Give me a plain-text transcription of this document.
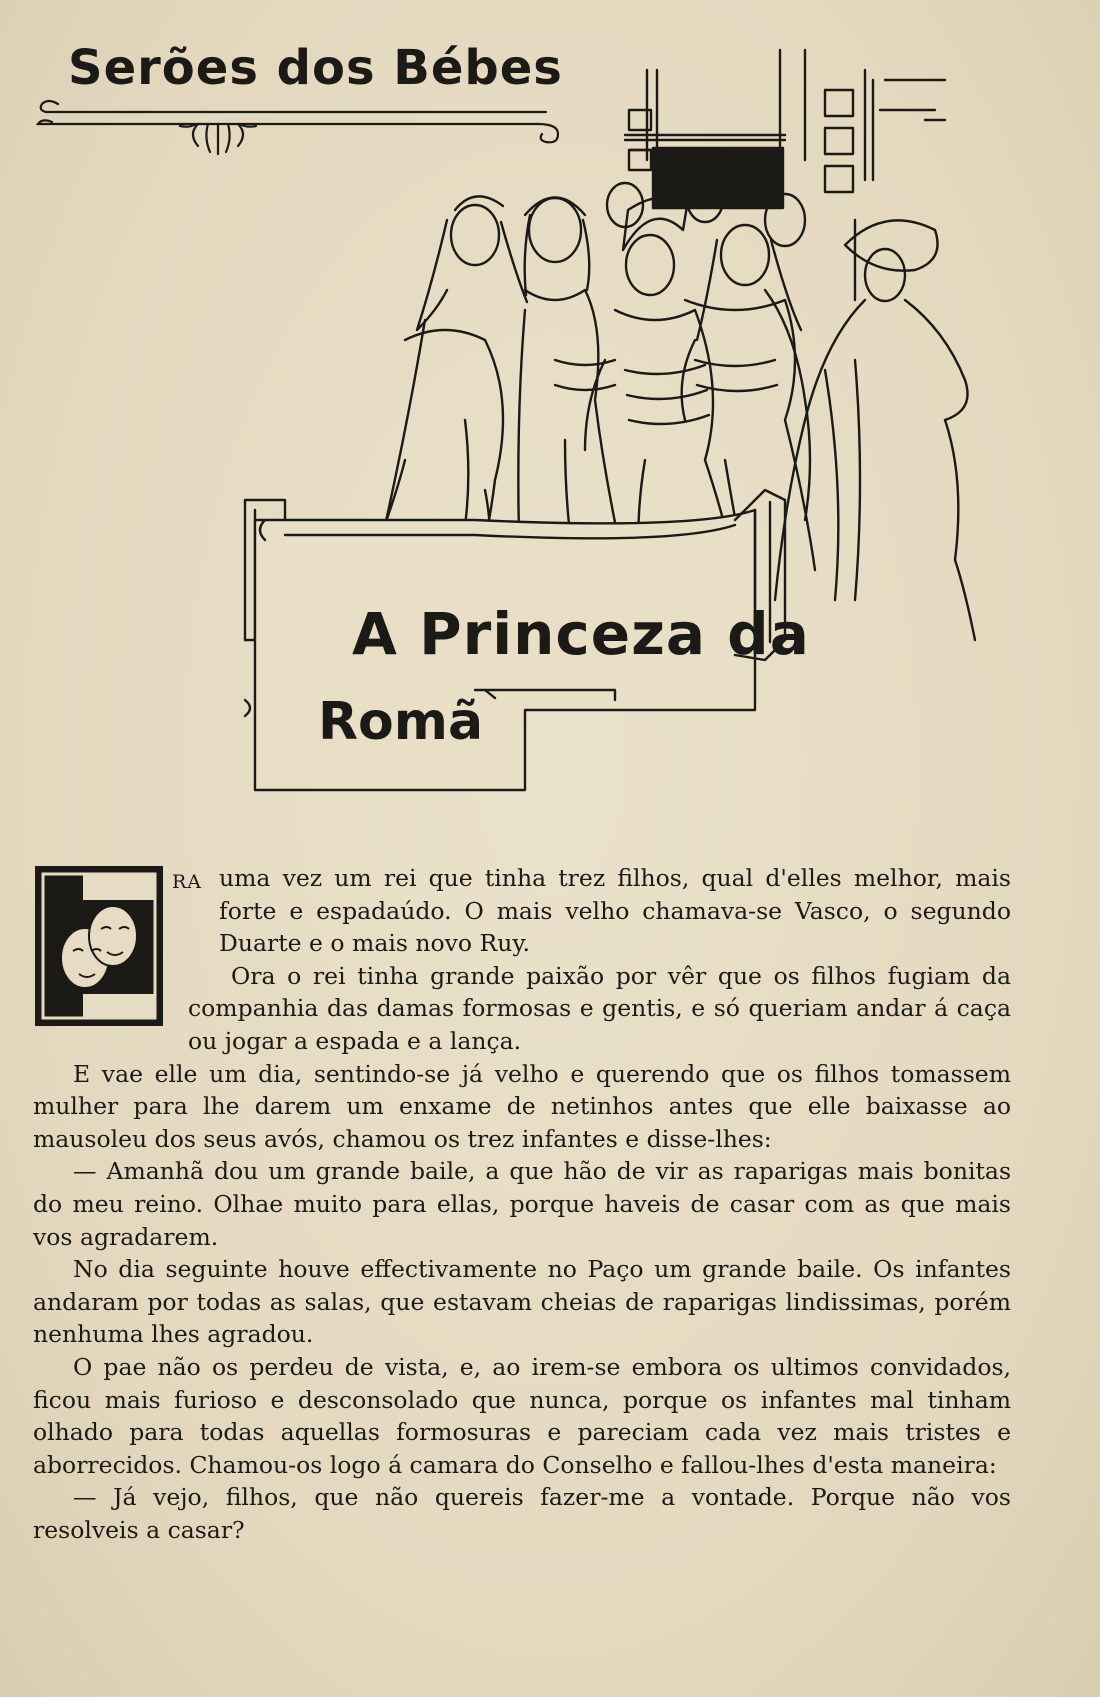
Serões dos Bébes
A Princeza da
Romã
RA uma vez um rei que tinha trez filhos, qual d'elles melhor, mais forte e espadaúdo. O mais velho chamava-se Vasco, o segundo Duarte e o mais novo Ruy.

Ora o rei tinha grande paixão por vêr que os filhos fugiam da companhia das damas formosas e gentis, e só queriam andar á caça ou jogar a espada e a lança.

E vae elle um dia, sentindo-se já velho e querendo que os filhos tomassem mulher para lhe darem um enxame de netinhos antes que elle baixasse ao mausoleu dos seus avós, chamou os trez infantes e disse-lhes:

— Amanhã dou um grande baile, a que hão de vir as raparigas mais bonitas do meu reino. Olhae muito para ellas, porque haveis de casar com as que mais vos agradarem.

No dia seguinte houve effectivamente no Paço um grande baile. Os infantes andaram por todas as salas, que estavam cheias de raparigas lindissimas, porém nenhuma lhes agradou.

O pae não os perdeu de vista, e, ao irem-se embora os ultimos convidados, ficou mais furioso e desconsolado que nunca, porque os infantes mal tinham olhado para todas aquellas formosuras e pareciam cada vez mais tristes e aborrecidos. Chamou-os logo á camara do Conselho e fallou-lhes d'esta maneira:

— Já vejo, filhos, que não quereis fazer-me a vontade. Porque não vos resolveis a casar?
